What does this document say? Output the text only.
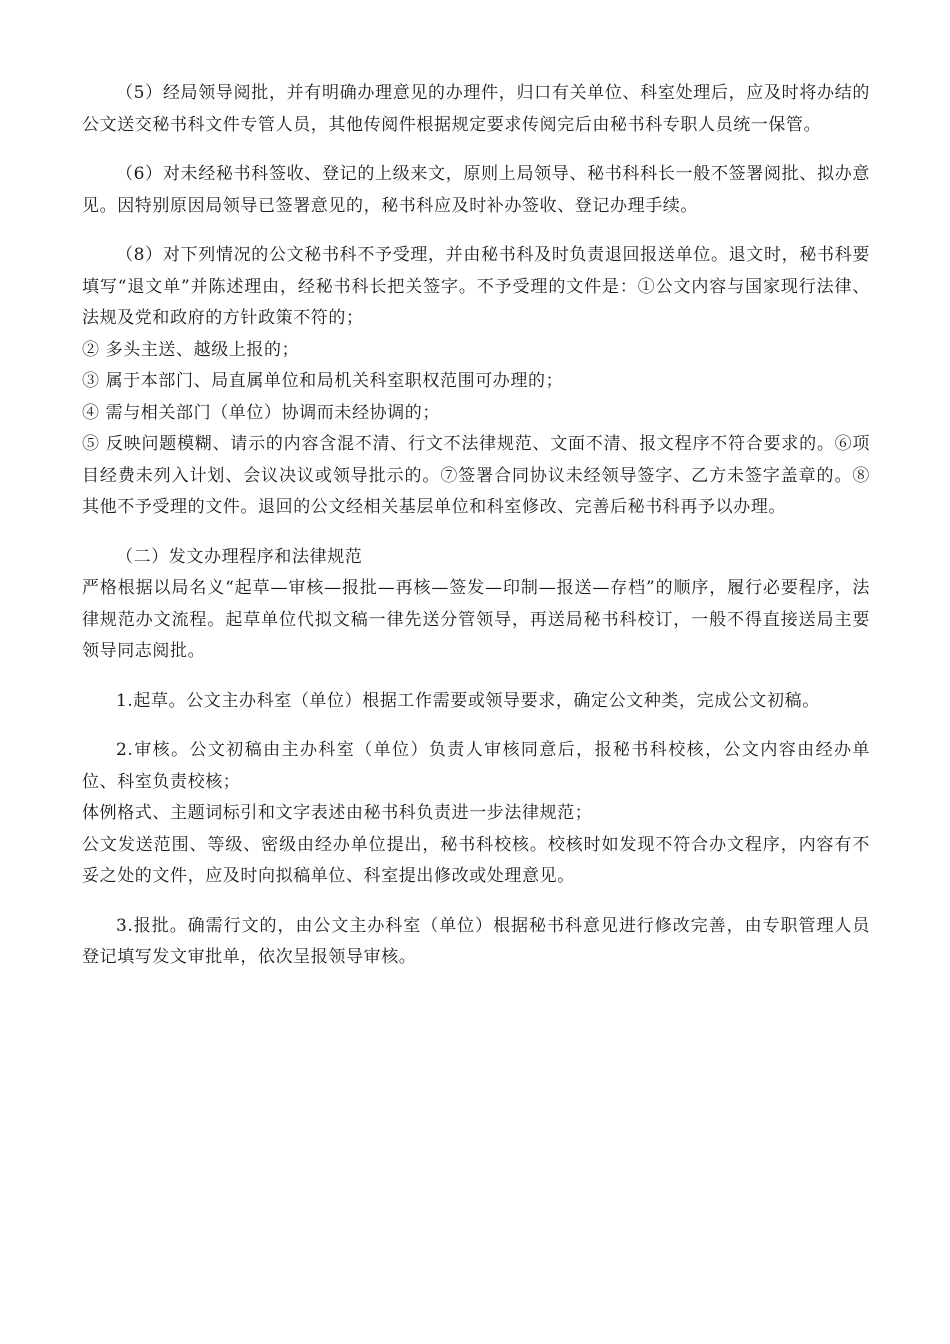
（5）经局领导阅批，并有明确办理意见的办理件，归口有关单位、科室处理后，应及时将办结的公文送交秘书科文件专管人员，其他传阅件根据规定要求传阅完后由秘书科专职人员统一保管。

（6）对未经秘书科签收、登记的上级来文，原则上局领导、秘书科科长一般不签署阅批、拟办意见。因特别原因局领导已签署意见的，秘书科应及时补办签收、登记办理手续。

（8）对下列情况的公文秘书科不予受理，并由秘书科及时负责退回报送单位。退文时，秘书科要填写“退文单”并陈述理由，经秘书科长把关签字。不予受理的文件是：①公文内容与国家现行法律、法规及党和政府的方针政策不符的；

② 多头主送、越级上报的；

③ 属于本部门、局直属单位和局机关科室职权范围可办理的；

④ 需与相关部门（单位）协调而未经协调的；

⑤ 反映问题模糊、请示的内容含混不清、行文不法律规范、文面不清、报文程序不符合要求的。⑥项目经费未列入计划、会议决议或领导批示的。⑦签署合同协议未经领导签字、乙方未签字盖章的。⑧其他不予受理的文件。退回的公文经相关基层单位和科室修改、完善后秘书科再予以办理。

（二）发文办理程序和法律规范

严格根据以局名义“起草—审核—报批—再核—签发—印制—报送—存档”的顺序，履行必要程序，法律规范办文流程。起草单位代拟文稿一律先送分管领导，再送局秘书科校订，一般不得直接送局主要领导同志阅批。

1.起草。公文主办科室（单位）根据工作需要或领导要求，确定公文种类，完成公文初稿。

2.审核。公文初稿由主办科室（单位）负责人审核同意后，报秘书科校核，公文内容由经办单位、科室负责校核；

体例格式、主题词标引和文字表述由秘书科负责进一步法律规范；

公文发送范围、等级、密级由经办单位提出，秘书科校核。校核时如发现不符合办文程序，内容有不妥之处的文件，应及时向拟稿单位、科室提出修改或处理意见。

3.报批。确需行文的，由公文主办科室（单位）根据秘书科意见进行修改完善，由专职管理人员登记填写发文审批单，依次呈报领导审核。
